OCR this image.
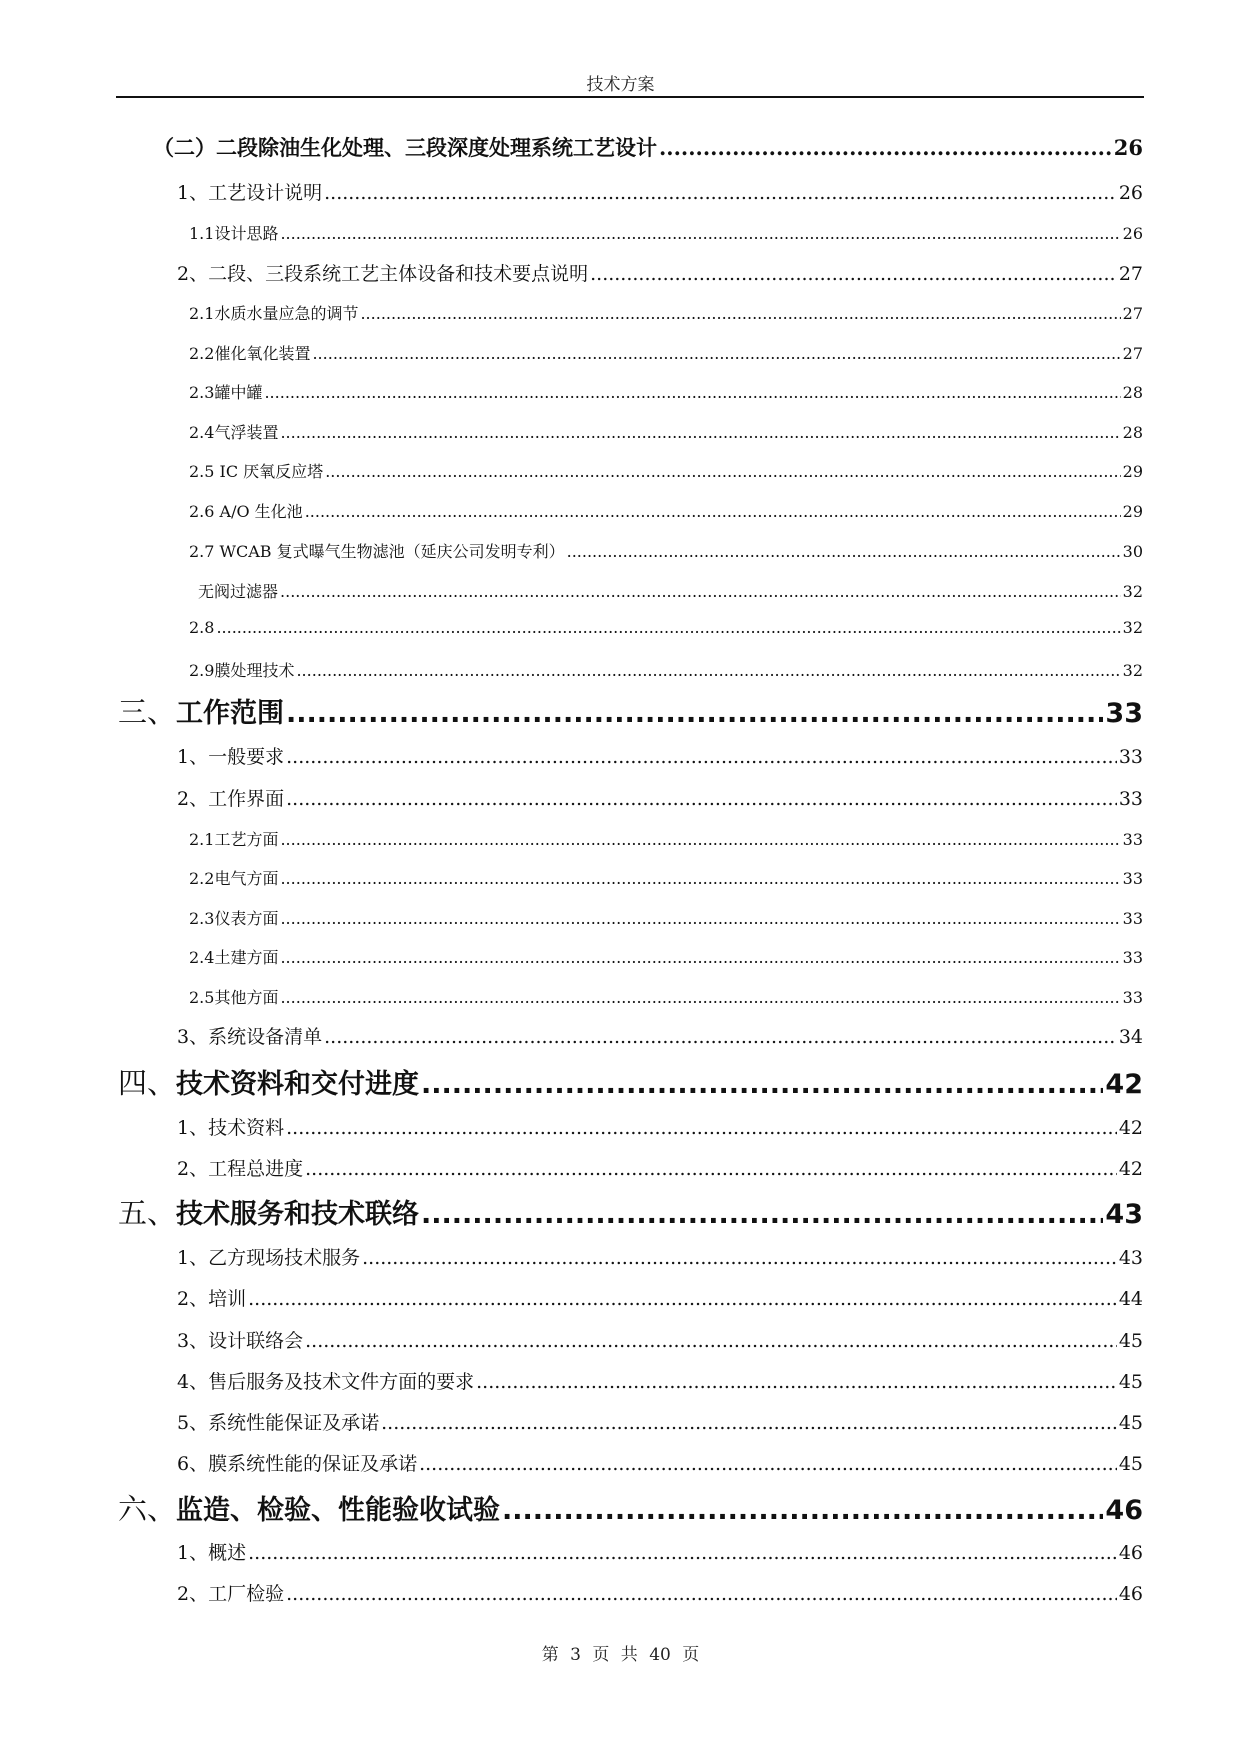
技术方案
（二） 二段除油生化处理、三段深度处理系统工艺设计 .....	26
1、 工艺设计说明 .....	26
1.1 设计思路 .....	26
2、 二段、三段系统工艺主体设备和技术要点说明 .....	27
2.1 水质水量应急的调节 .....	27
2.2 催化氧化装置 .....	27
2.3 罐中罐 .....	28
2.4 气浮装置 .....	28
2.5 IC 厌氧反应塔 .....	29
2.6 A/O 生化池 .....	29
2.7 WCAB 复式曝气生物滤池（延庆公司发明专利） .....	30
无阀过滤器 .....	32
2.8 .....	32
2.9 膜处理技术 .....	32
三、 工作范围 .....	33
1、 一般要求 .....	33
2、 工作界面 .....	33
2.1 工艺方面 .....	33
2.2 电气方面 .....	33
2.3 仪表方面 .....	33
2.4 土建方面 .....	33
2.5 其他方面 .....	33
3、 系统设备清单 .....	34
四、 技术资料和交付进度 .....	42
1、 技术资料 .....	42
2、 工程总进度 .....	42
五、 技术服务和技术联络 .....	43
1、 乙方现场技术服务 .....	43
2、 培训 .....	44
3、 设计联络会 .....	45
4、 售后服务及技术文件方面的要求 .....	45
5、 系统性能保证及承诺 .....	45
6、膜系统性能的保证及承诺 .....	45
六、 监造、检验、性能验收试验 .....	46
1、 概述 .....	46
2、 工厂检验 .....	46
第 3 页 共 40 页
